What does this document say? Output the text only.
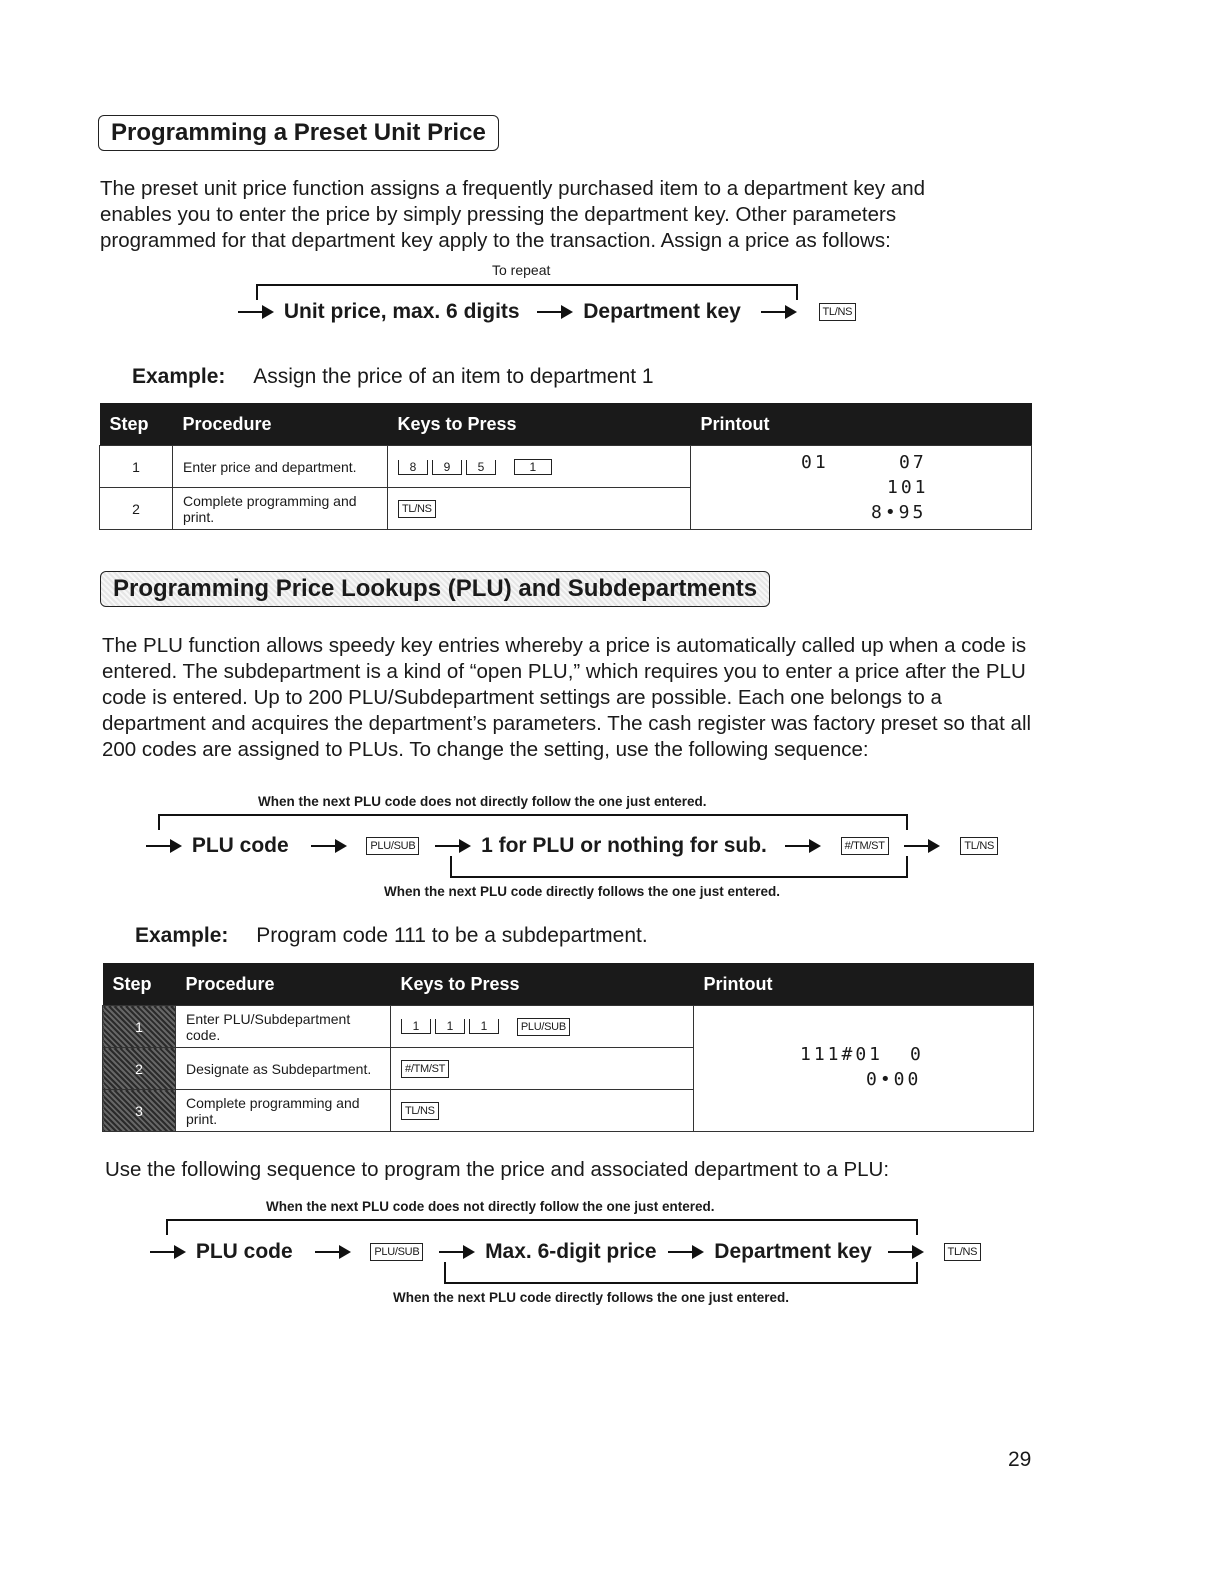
Programming a Preset Unit Price
The preset unit price function assigns a frequently purchased item to a department key and enables you to enter the price by simply pressing the department key. Other parameters programmed for that department key apply to the transaction. Assign a price as follows:
To repeat
Unit price, max. 6 digits	Department key	TL/NS
Example: Assign the price of an item to department 1
Step	Procedure	Keys to Press	Printout
1	Enter price and department.	8 9 5 1	01 07
101
8•95

2	Complete programming and print.	TL/NS	
Programming Price Lookups (PLU) and Subdepartments
The PLU function allows speedy key entries whereby a price is automatically called up when a code is entered. The subdepartment is a kind of “open PLU,” which requires you to enter a price after the PLU code is entered. Up to 200 PLU/Subdepartment settings are possible. Each one belongs to a department and acquires the department’s parameters. The cash register was factory preset so that all 200 codes are assigned to PLUs. To change the setting, use the following sequence:
When the next PLU code does not directly follow the one just entered.
PLU code	PLU/SUB	1 for PLU or nothing for sub.	#/TM/ST	TL/NS
When the next PLU code directly follows the one just entered.
Example: Program code 111 to be a subdepartment.
Step	Procedure	Keys to Press	Printout
1	Enter PLU/Subdepartment code.	1 1 1 PLU/SUB	111#01 0
0•00

2	Designate as Subdepartment.	#/TM/ST	
3	Complete programming and print.	TL/NS	
Use the following sequence to program the price and associated department to a PLU:
When the next PLU code does not directly follow the one just entered.
PLU code	PLU/SUB	Max. 6-digit price	Department key	TL/NS
When the next PLU code directly follows the one just entered.
29
